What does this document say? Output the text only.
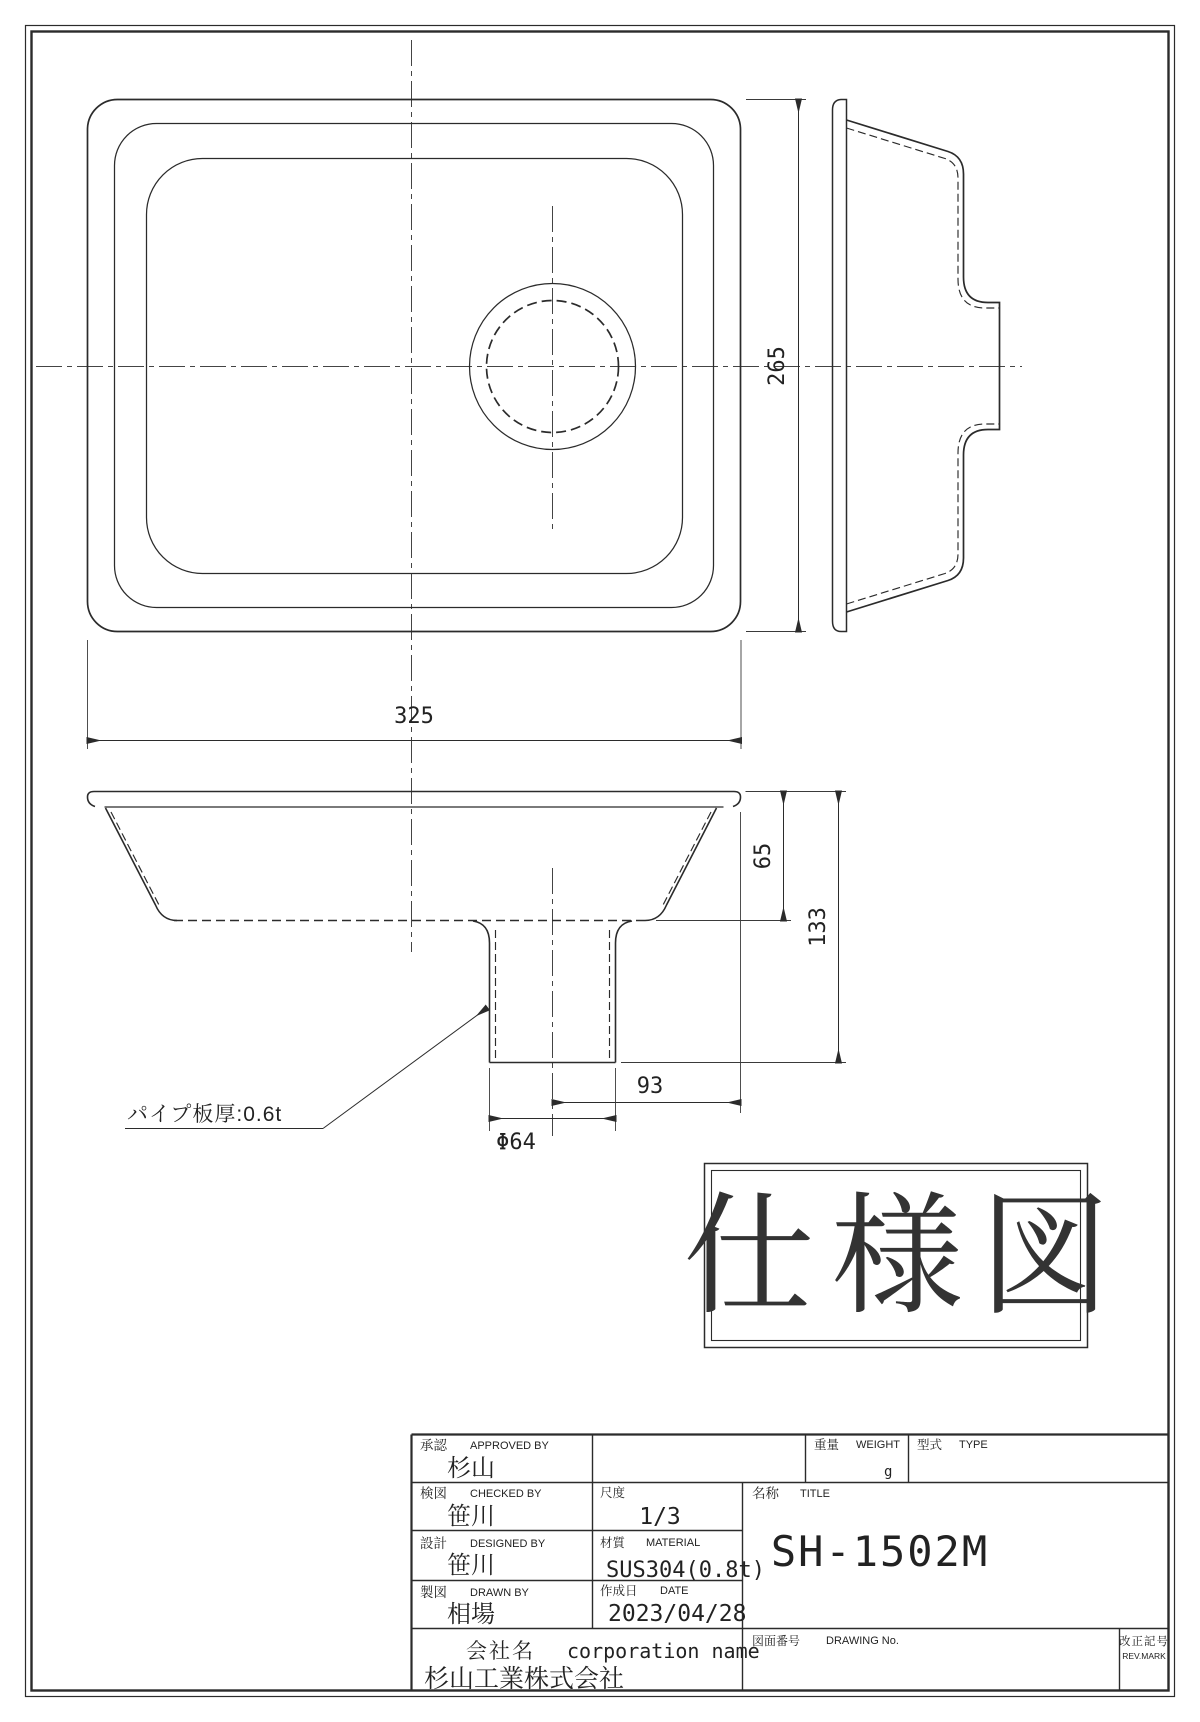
325
265
65
133
93
Φ64
パイプ板厚:0.6t
仕様図
承認 APPROVED BY
杉山
重量 WEIGHT
g
型式 TYPE
検図 CHECKED BY
笹川
尺度
1/3
名称 TITLE
SH-1502M
設計 DESIGNED BY
笹川
材質 MATERIAL
SUS304(0.8t)
製図 DRAWN BY
相場
作成日 DATE
2023/04/28
会社名 corporation name
杉山工業株式会社
図面番号 DRAWING No.	改正記号
REV.MARK
